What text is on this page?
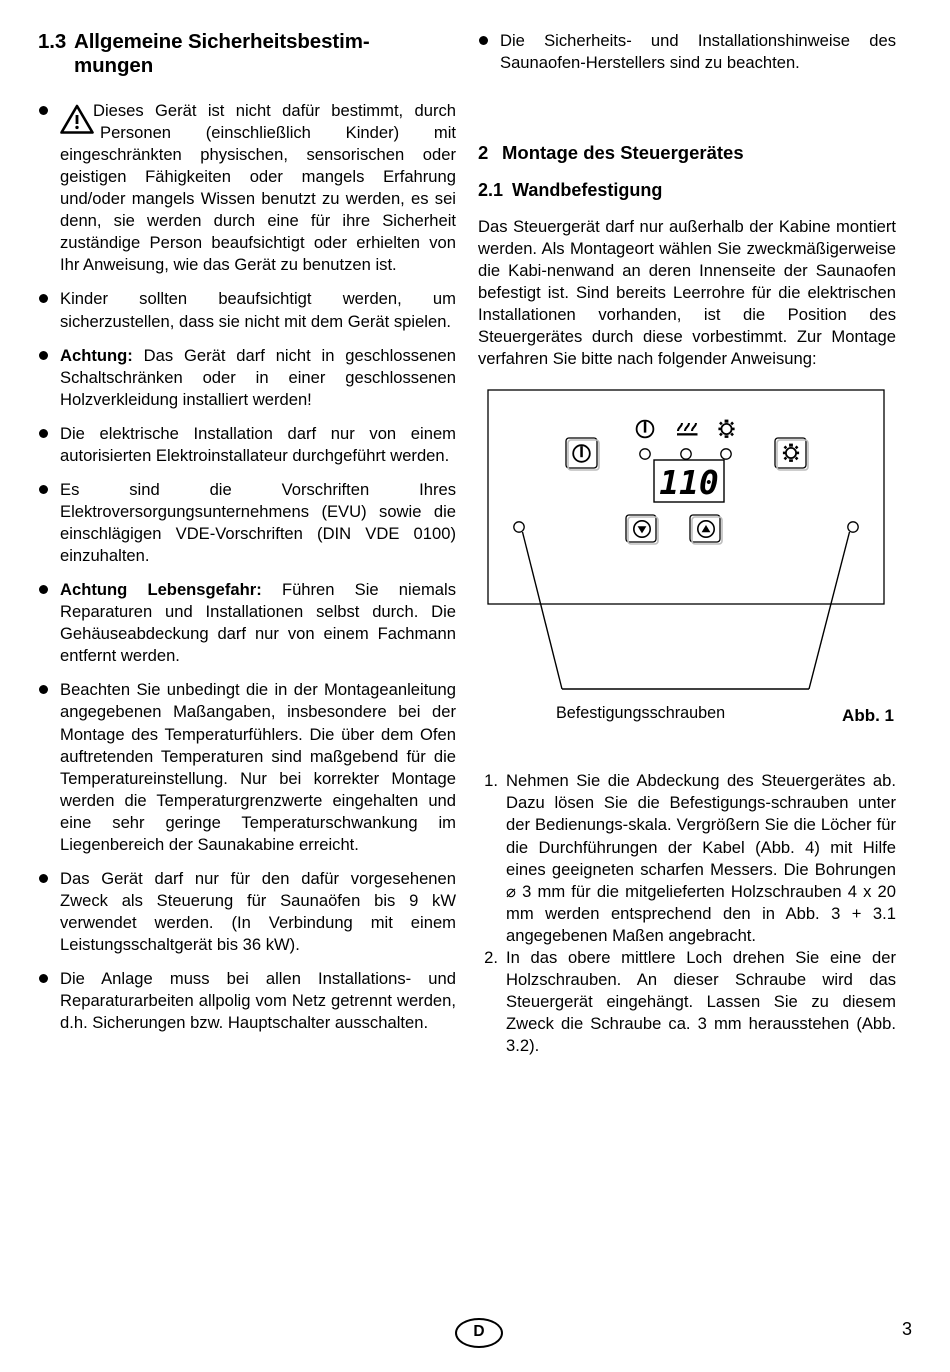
1.3 Allgemeine Sicherheitsbestim-
mungen
Dieses Gerät ist nicht dafür bestimmt, durch Personen (einschließlich Kinder) mit eingeschränkten physischen, sensorischen oder geistigen Fähigkeiten oder mangels Erfahrung und/oder mangels Wissen benutzt zu werden, es sei denn, sie werden durch eine für ihre Sicherheit zuständige Person beaufsichtigt oder erhielten von Ihr Anweisung, wie das Gerät zu benutzen ist.
Kinder sollten beaufsichtigt werden, um sicherzustellen, dass sie nicht mit dem Gerät spielen.
Achtung: Das Gerät darf nicht in geschlossenen Schaltschränken oder in einer geschlossenen Holzverkleidung installiert werden!
Die elektrische Installation darf nur von einem autorisierten Elektroinstallateur durchgeführt werden.
Es sind die Vorschriften Ihres Elektroversorgungsunternehmens (EVU) sowie die einschlägigen VDE-Vorschriften (DIN VDE 0100) einzuhalten.
Achtung Lebensgefahr: Führen Sie niemals Reparaturen und Installationen selbst durch. Die Gehäuseabdeckung darf nur von einem Fachmann entfernt werden.
Beachten Sie unbedingt die in der Montageanleitung angegebenen Maßangaben, insbesondere bei der Montage des Temperaturfühlers. Die über dem Ofen auftretenden Temperaturen sind maßgebend für die Temperatureinstellung. Nur bei korrekter Montage werden die Temperaturgrenzwerte eingehalten und eine sehr geringe Temperaturschwankung im Liegenbereich der Saunakabine erreicht.
Das Gerät darf nur für den dafür vorgesehenen Zweck als Steuerung für Saunaöfen bis 9 kW verwendet werden. (In Verbindung mit einem Leistungsschaltgerät bis 36 kW).
Die Anlage muss bei allen Installations- und Reparaturarbeiten allpolig vom Netz getrennt werden, d.h. Sicherungen bzw. Hauptschalter ausschalten.
Die Sicherheits- und Installationshinweise des Saunaofen-Herstellers sind zu beachten.
2 Montage des Steuergerätes
2.1 Wandbefestigung

Das Steuergerät darf nur außerhalb der Kabine montiert werden. Als Montageort wählen Sie zweckmäßigerweise die Kabi-nenwand an deren Innenseite der Saunaofen befestigt ist. Sind bereits Leerrohre für die elektrischen Installationen vorhanden, ist die Position des Steuergerätes durch diese vorbestimmt. Zur Montage verfahren Sie bitte nach folgender Anweisung:

110
Befestigungsschrauben	Abb. 1
1. Nehmen Sie die Abdeckung des Steuergerätes ab. Dazu lösen Sie die Befestigungs-schrauben unter der Bedienungs-skala. Vergrößern Sie die Löcher für die Durchführungen der Kabel (Abb. 4) mit Hilfe eines geeigneten scharfen Messers. Die Bohrungen ⌀ 3 mm für die mitgelieferten Holzschrauben 4 x 20 mm werden entsprechend den in Abb. 3 + 3.1 angegebenen Maßen angebracht.
2. In das obere mittlere Loch drehen Sie eine der Holzschrauben. An dieser Schraube wird das Steuergerät eingehängt. Lassen Sie zu diesem Zweck die Schraube ca. 3 mm herausstehen (Abb. 3.2).
D	3
